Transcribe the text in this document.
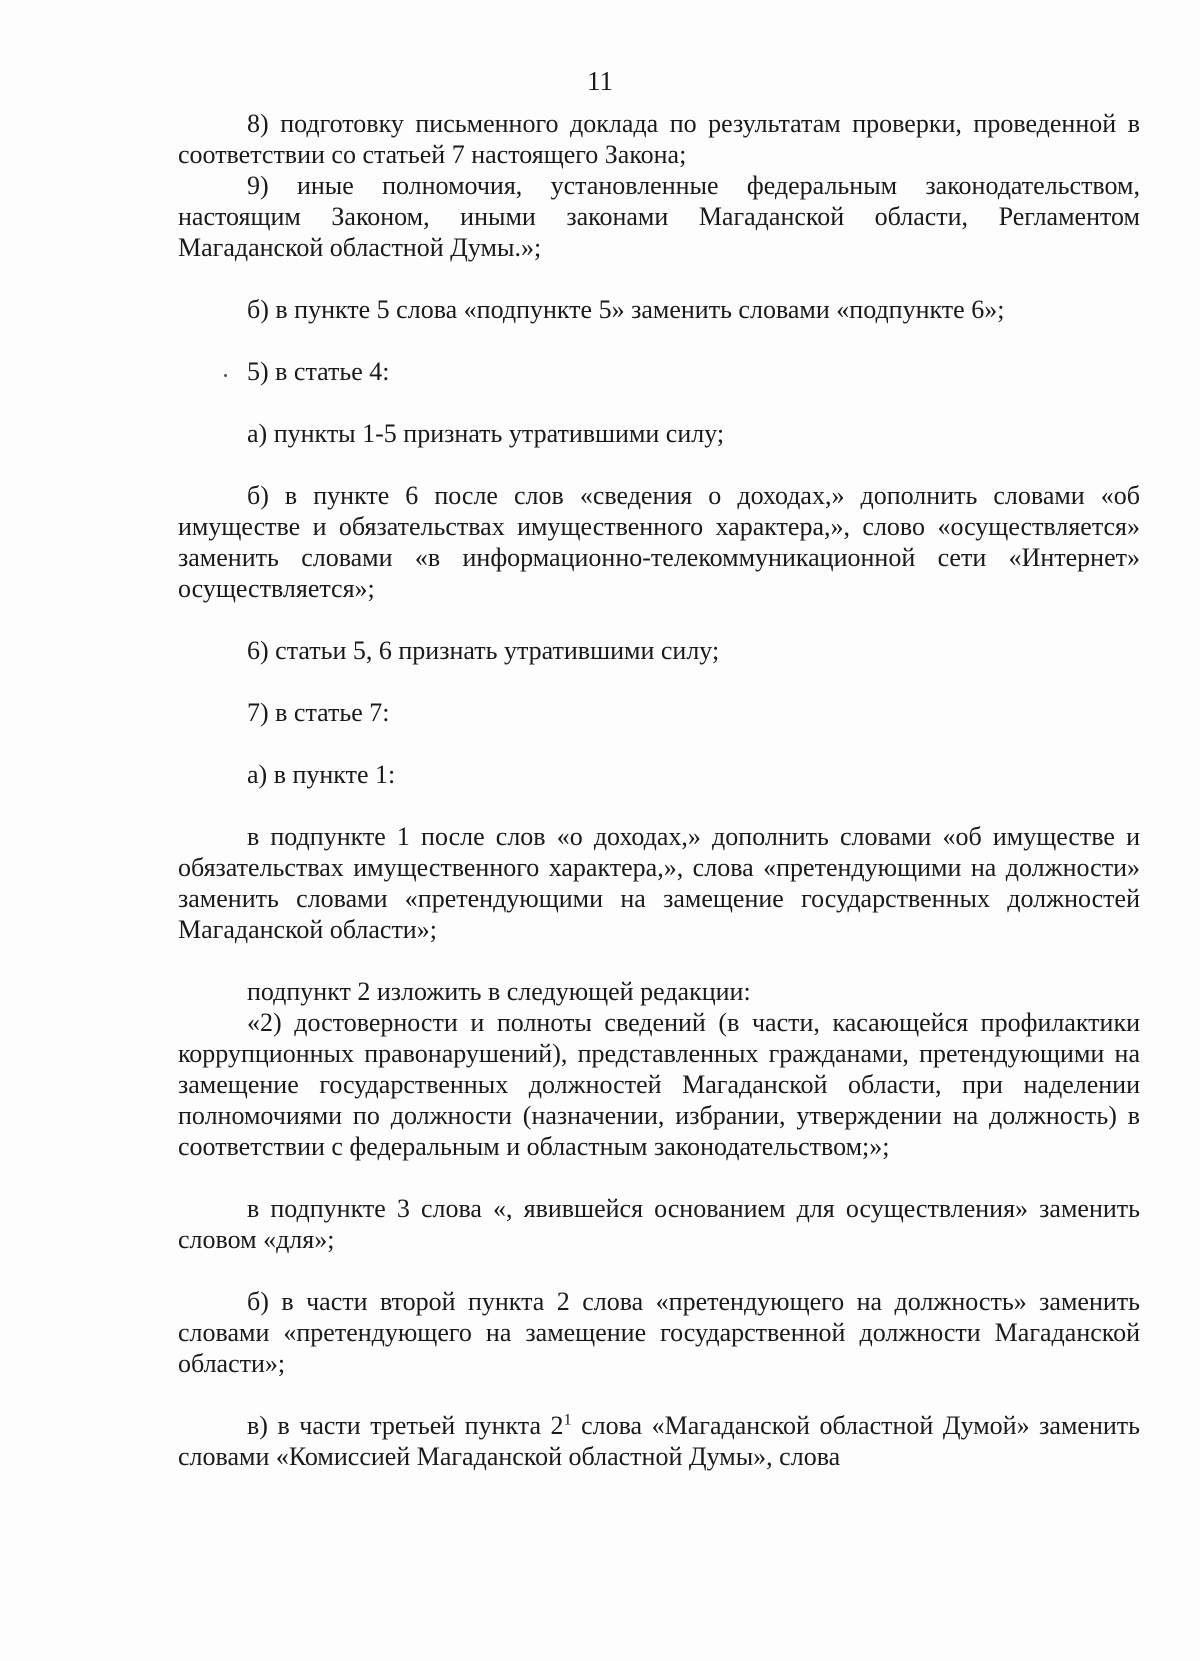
11

8) подготовку письменного доклада по результатам проверки, проведенной в соответствии со статьей 7 настоящего Закона;

9) иные полномочия, установленные федеральным законодательством, настоящим Законом, иными законами Магаданской области, Регламентом Магаданской областной Думы.»;

б) в пункте 5 слова «подпункте 5» заменить словами «подпункте 6»;

5) в статье 4:

а) пункты 1-5 признать утратившими силу;

б) в пункте 6 после слов «сведения о доходах,» дополнить словами «об имуществе и обязательствах имущественного характера,», слово «осуществляется» заменить словами «в информационно-телекоммуникационной сети «Интернет» осуществляется»;

6) статьи 5, 6 признать утратившими силу;

7) в статье 7:

а) в пункте 1:

в подпункте 1 после слов «о доходах,» дополнить словами «об имуществе и обязательствах имущественного характера,», слова «претендующими на должности» заменить словами «претендующими на замещение государственных должностей Магаданской области»;

подпункт 2 изложить в следующей редакции:

«2) достоверности и полноты сведений (в части, касающейся профилактики коррупционных правонарушений), представленных гражданами, претендующими на замещение государственных должностей Магаданской области, при наделении полномочиями по должности (назначении, избрании, утверждении на должность) в соответствии с федеральным и областным законодательством;»;

в подпункте 3 слова «, явившейся основанием для осуществления» заменить словом «для»;

б) в части второй пункта 2 слова «претендующего на должность» заменить словами «претендующего на замещение государственной должности Магаданской области»;

в) в части третьей пункта $2^1$ слова «Магаданской областной Думой» заменить словами «Комиссией Магаданской областной Думы», слова
